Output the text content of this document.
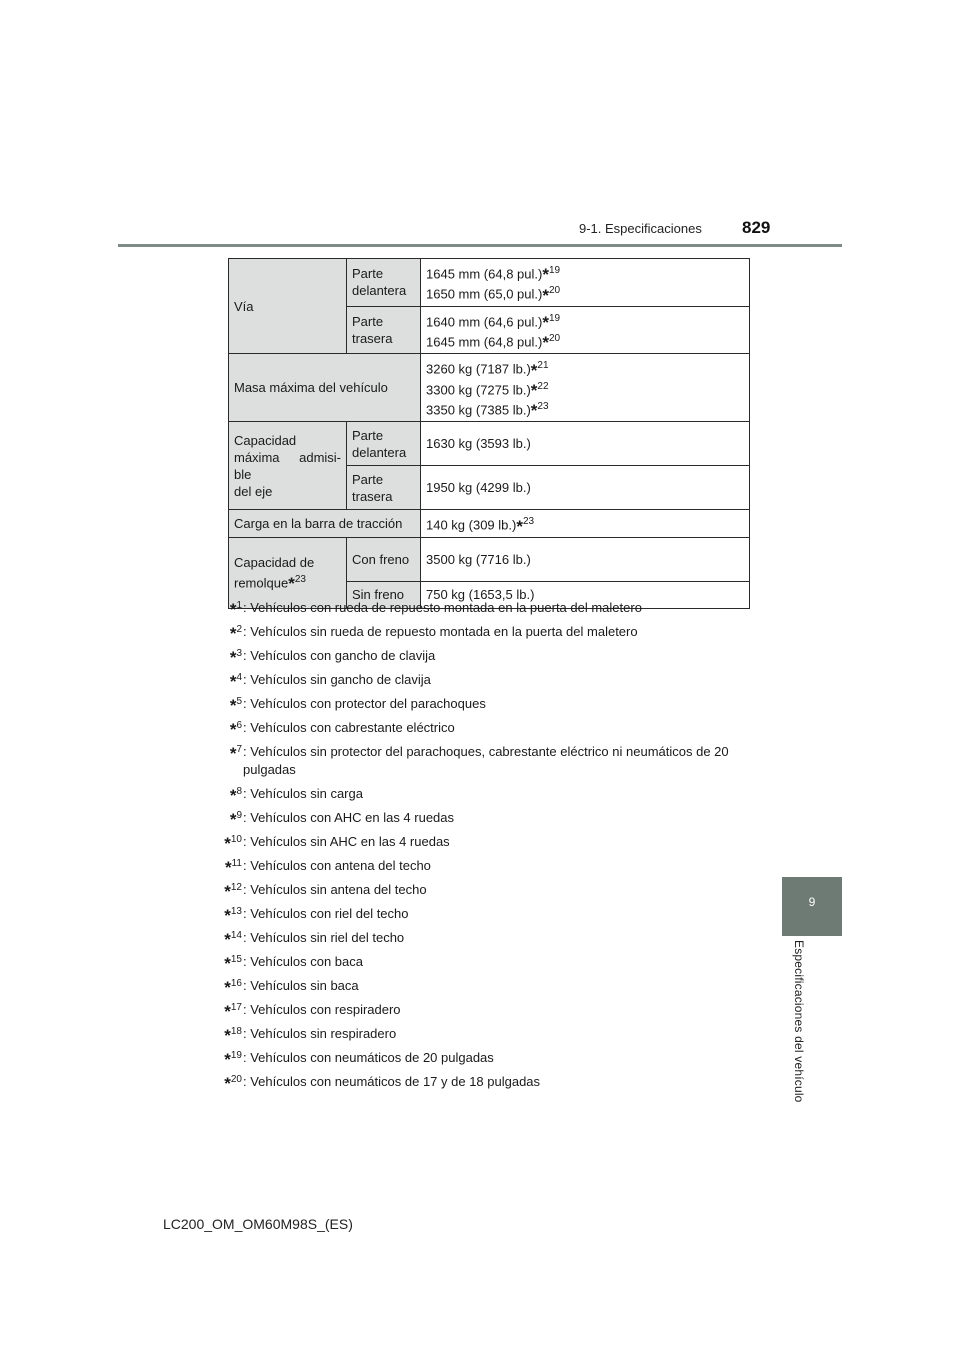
9-1. Especificaciones 829
9
Especificaciones del vehículo
Vía	Parte delantera	1645 mm (64,8 pul.)*$^{19}$
1650 mm (65,0 pul.)*$^{20}$
	Parte trasera	1640 mm (64,6 pul.)*$^{19}$
1645 mm (64,8 pul.)*$^{20}$
Masa máxima del vehículo		3260 kg (7187 lb.)*$^{21}$
3300 kg (7275 lb.)*$^{22}$
3350 kg (7385 lb.)*$^{23}$
Capacidad

máxima admisi-
ble
del eje	Parte delantera	1630 kg (3593 lb.)
	Parte trasera	1950 kg (4299 lb.)
Carga en la barra de tracción		140 kg (309 lb.)*$^{23}$
Capacidad de
remolque*$^{23}$	Con freno	3500 kg (7716 lb.)
	Sin freno	750 kg (1653,5 lb.)
*$^1$ : Vehículos con rueda de repuesto montada en la puerta del maletero
*$^2$ : Vehículos sin rueda de repuesto montada en la puerta del maletero
*$^3$ : Vehículos con gancho de clavija
*$^4$ : Vehículos sin gancho de clavija
*$^5$ : Vehículos con protector del parachoques
*$^6$ : Vehículos con cabrestante eléctrico
*$^7$ : Vehículos sin protector del parachoques, cabrestante eléctrico ni neumáticos de 20 pulgadas
*$^8$ : Vehículos sin carga
*$^9$ : Vehículos con AHC en las 4 ruedas
*$^{10}$ : Vehículos sin AHC en las 4 ruedas
*$^{11}$ : Vehículos con antena del techo
*$^{12}$ : Vehículos sin antena del techo
*$^{13}$ : Vehículos con riel del techo
*$^{14}$ : Vehículos sin riel del techo
*$^{15}$ : Vehículos con baca
*$^{16}$ : Vehículos sin baca
*$^{17}$ : Vehículos con respiradero
*$^{18}$ : Vehículos sin respiradero
*$^{19}$ : Vehículos con neumáticos de 20 pulgadas
*$^{20}$ : Vehículos con neumáticos de 17 y de 18 pulgadas
LC200_OM_OM60M98S_(ES)
